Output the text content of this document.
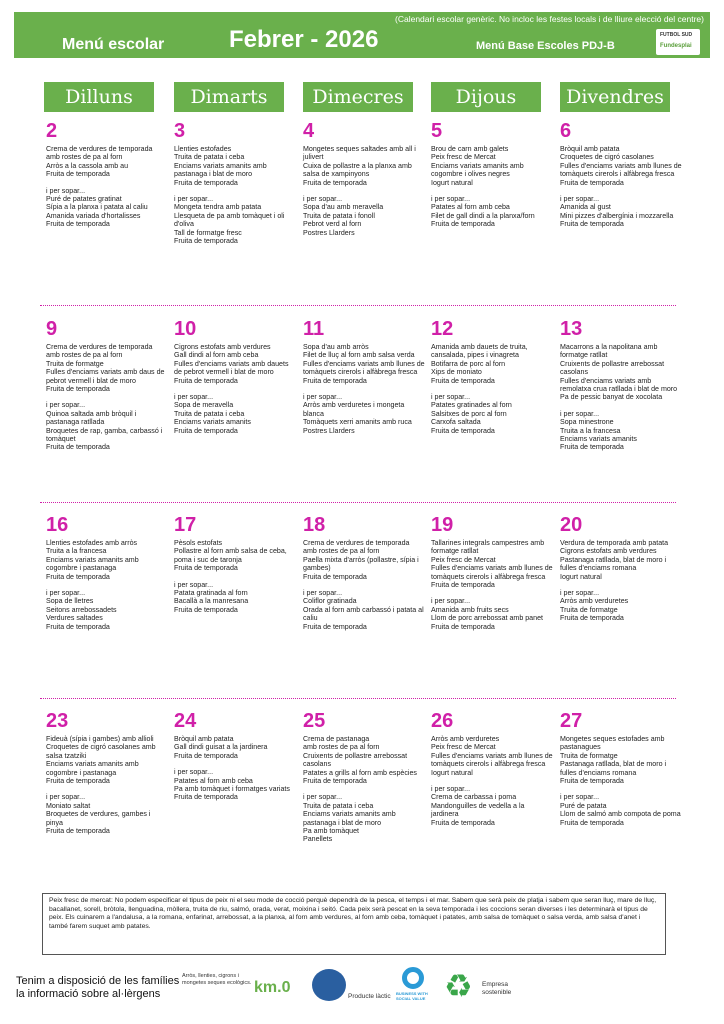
(Calendari escolar genèric. No incloc les festes locals i de lliure elecció del centre)
Menú escolar	Febrer - 2026	Menú Base Escoles PDJ-B
FUTBOL SUD
Fundesplai
Dilluns	Dimarts	Dimecres	Dijous	Divendres
2
Crema de verdures de temporada
amb rostes de pa al forn
Arròs a la cassola amb au
Fruita de temporada
i per sopar...
Puré de patates gratinat
Sípia a la planxa i patata al caliu
Amanida variada d'hortalisses
Fruita de temporada
3
Llenties estofades
Truita de patata i ceba
Enciams variats amanits amb pastanaga i blat de moro
Fruita de temporada
i per sopar...
Mongeta tendra amb patata
Llesqueta de pa amb tomàquet i oli d'oliva
Tall de formatge fresc
Fruita de temporada
4
Mongetes seques saltades amb all i julivert
Cuixa de pollastre a la planxa amb salsa de xampinyons
Fruita de temporada
i per sopar...
Sopa d'au amb meravella
Truita de patata i fonoll
Pebrot verd al forn
Postres Llarders
5
Brou de carn amb galets
Peix fresc de Mercat
Enciams variats amanits amb cogombre i olives negres
Iogurt natural
i per sopar...
Patates al forn amb ceba
Filet de gall dindi a la planxa/forn
Fruita de temporada
6
Bròquil amb patata
Croquetes de cigró casolanes
Fulles d'enciams variats amb llunes de tomàquets cirerols i alfàbrega fresca
Fruita de temporada
i per sopar...
Amanida al gust
Mini pizzes d'albergínia i mozzarella
Fruita de temporada
9
Crema de verdures de temporada
amb rostes de pa al forn
Truita de formatge
Fulles d'enciams variats amb daus de pebrot vermell i blat de moro
Fruita de temporada
i per sopar...
Quinoa saltada amb bròquil i pastanaga ratllada
Broquetes de rap, gamba, carbassó i tomàquet
Fruita de temporada
10
Cigrons estofats amb verdures
Gall dindi al forn amb ceba
Fulles d'enciams variats amb dauets de pebrot vermell i blat de moro
Fruita de temporada
i per sopar...
Sopa de meravella
Truita de patata i ceba
Enciams variats amanits
Fruita de temporada
11
Sopa d'au amb arròs
Filet de lluç al forn amb salsa verda
Fulles d'enciams variats amb llunes de tomàquets cirerols i alfàbrega fresca
Fruita de temporada
i per sopar...
Arròs amb verduretes i mongeta blanca
Tomàquets xerri amanits amb ruca
Postres Llarders
12
Amanida amb dauets de truita, cansalada, pipes i vinagreta
Botifarra de porc al forn
Xips de moniato
Fruita de temporada
i per sopar...
Patates gratinades al forn
Salsitxes de porc al forn
Carxofa saltada
Fruita de temporada
13
Macarrons a la napolitana amb formatge ratllat
Cruixents de pollastre arrebossat casolans
Fulles d'enciams variats amb remolatxa crua ratllada i blat de moro
Pa de pessic banyat de xocolata
i per sopar...
Sopa minestrone
Truita a la francesa
Enciams variats amanits
Fruita de temporada
16
Llenties estofades amb arròs
Truita a la francesa
Enciams variats amanits amb cogombre i pastanaga
Fruita de temporada
i per sopar...
Sopa de lletres
Seitons arrebossadets
Verdures saltades
Fruita de temporada
17
Pèsols estofats
Pollastre al forn amb salsa de ceba, poma i suc de taronja
Fruita de temporada
i per sopar...
Patata gratinada al forn
Bacallà a la manresana
Fruita de temporada
18
Crema de verdures de temporada
amb rostes de pa al forn
Paella mixta d'arròs (pollastre, sípia i gambes)
Fruita de temporada
i per sopar...
Coliflor gratinada
Orada al forn amb carbassó i patata al caliu
Fruita de temporada
19
Tallarines integrals campestres amb formatge ratllat
Peix fresc de Mercat
Fulles d'enciams variats amb llunes de tomàquets cirerols i alfàbrega fresca
Fruita de temporada
i per sopar...
Amanida amb fruits secs
Llom de porc arrebossat amb panet
Fruita de temporada
20
Verdura de temporada amb patata
Cigrons estofats amb verdures
Pastanaga ratllada, blat de moro i fulles d'enciams romana
Iogurt natural
i per sopar...
Arròs amb verduretes
Truita de formatge
Fruita de temporada
23
Fideuà (sípia i gambes) amb allioli
Croquetes de cigró casolanes amb salsa tzatziki
Enciams variats amanits amb cogombre i pastanaga
Fruita de temporada
i per sopar...
Moniato saltat
Broquetes de verdures, gambes i pinya
Fruita de temporada
24
Bròquil amb patata
Gall dindi guisat a la jardinera
Fruita de temporada
i per sopar...
Patates al forn amb ceba
Pa amb tomàquet i formatges variats
Fruita de temporada
25
Crema de pastanaga
amb rostes de pa al forn
Cruixents de pollastre arrebossat casolans
Patates a grills al forn amb espècies
Fruita de temporada
i per sopar...
Truita de patata i ceba
Enciams variats amanits amb pastanaga i blat de moro
Pa amb tomàquet
Panellets
26
Arròs amb verduretes
Peix fresc de Mercat
Fulles d'enciams variats amb llunes de tomàquets cirerols i alfàbrega fresca
Iogurt natural
i per sopar...
Crema de carbassa i poma
Mandonguilles de vedella a la jardinera
Fruita de temporada
27
Mongetes seques estofades amb pastanagues
Truita de formatge
Pastanaga ratllada, blat de moro i fulles d'enciams romana
Fruita de temporada
i per sopar...
Puré de patata
Llom de salmó amb compota de poma
Fruita de temporada
Peix fresc de mercat: No podem especificar el tipus de peix ni el seu mode de cocció perquè dependrà de la pesca, el temps i el mar. Sabem que serà peix de platja i sabem que seran lluç, mare de lluç, bacallanet, sorell, bròtola, llenguadina, mòllera, truita de riu, salmó, orada, verat, moixina i seitó. Cada peix serà pescat en la seva temporada i les coccions seran diverses i les determinarà el tipus de peix. Els cuinarem a l'andalusa, a la romana, enfarinat, arrebossat, a la planxa, al forn amb verdures, al forn amb ceba, tomàquet i patates, amb salsa de tomàquet o salsa verda, amb salsa d'anet i també farem suquet amb patates.
Tenim a disposició de les famílies
la informació sobre al·lèrgens
Arròs, llenties, cigrons i mongetes seques ecològics. km.0
Producte làctic BUSINESS WITH SOCIAL VALUE ♻ Empresa
sostenible
